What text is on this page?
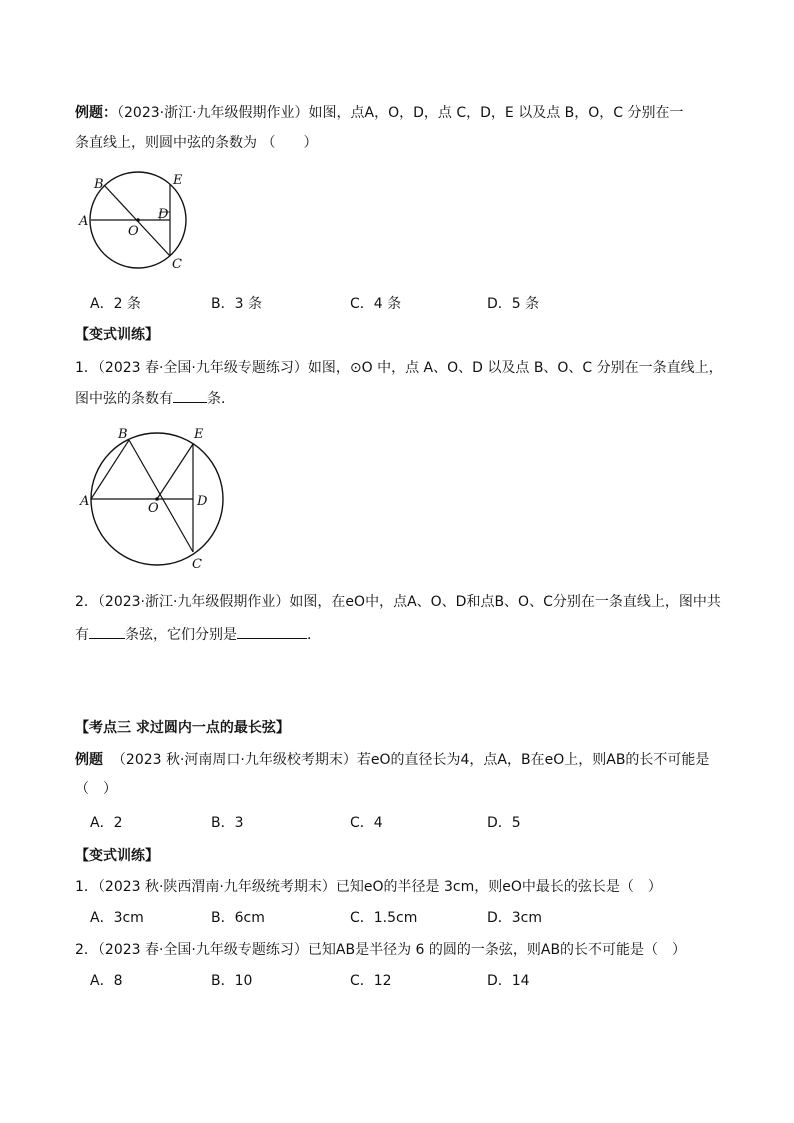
例题：（2023·浙江·九年级假期作业）如图，点A，O，D，点 C，D，E 以及点 B，O，C 分别在一
条直线上，则圆中弦的条数为 （　　）
B	E
A	D
O
C
A．2 条	B．3 条	C．4 条	D．5 条
【变式训练】
1．（2023 春·全国·九年级专题练习）如图，⊙O 中，点 A、O、D 以及点 B、O、C 分别在一条直线上，
图中弦的条数有 条．
B	E
A	O	D
C
2．（2023·浙江·九年级假期作业）如图，在eO中，点A、O、D和点B、O、C分别在一条直线上，图中共
有	条弦，它们分别是	．
【考点三 求过圆内一点的最长弦】
例题 （2023 秋·河南周口·九年级校考期末）若eO的直径长为4，点A，B在eO上，则AB的长不可能是
（　）
A．2	B．3	C．4	D．5
【变式训练】
1．（2023 秋·陕西渭南·九年级统考期末）已知eO的半径是 3cm，则eO中最长的弦长是（　）
A．3cm	B．6cm	C．1.5cm	D．3cm
2．（2023 春·全国·九年级专题练习）已知AB是半径为 6 的圆的一条弦，则AB的长不可能是（　）
A．8	B．10	C．12	D．14
